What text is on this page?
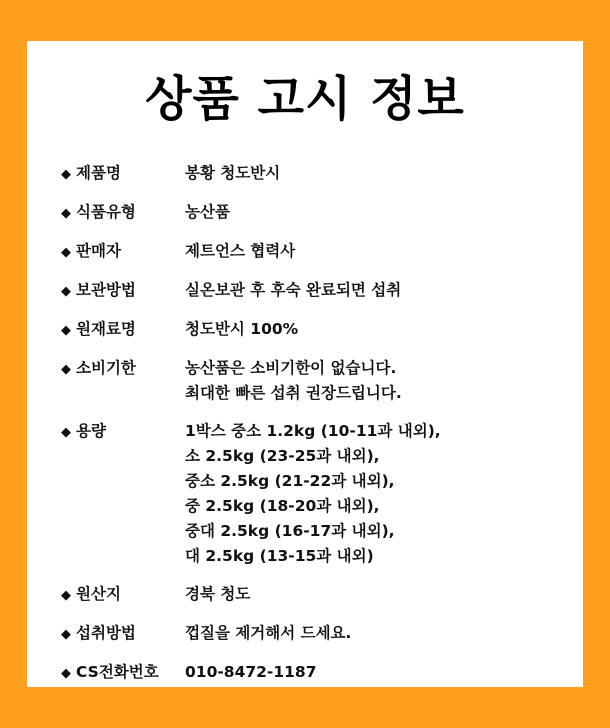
상품 고시 정보
◆ 제품명	봉황 청도반시
◆ 식품유형	농산품
◆ 판매자	제트언스 협력사
◆ 보관방법	실온보관 후 후숙 완료되면 섭취
◆ 원재료명	청도반시 100%
◆ 소비기한	농산품은 소비기한이 없습니다.
최대한 빠른 섭취 권장드립니다.
◆ 용량	1박스 중소 1.2kg (10-11과 내외),
소 2.5kg (23-25과 내외),
중소 2.5kg (21-22과 내외),
중 2.5kg (18-20과 내외),
중대 2.5kg (16-17과 내외),
대 2.5kg (13-15과 내외)
◆ 원산지	경북 청도
◆ 섭취방법	껍질을 제거해서 드세요.
◆ CS전화번호	010-8472-1187
